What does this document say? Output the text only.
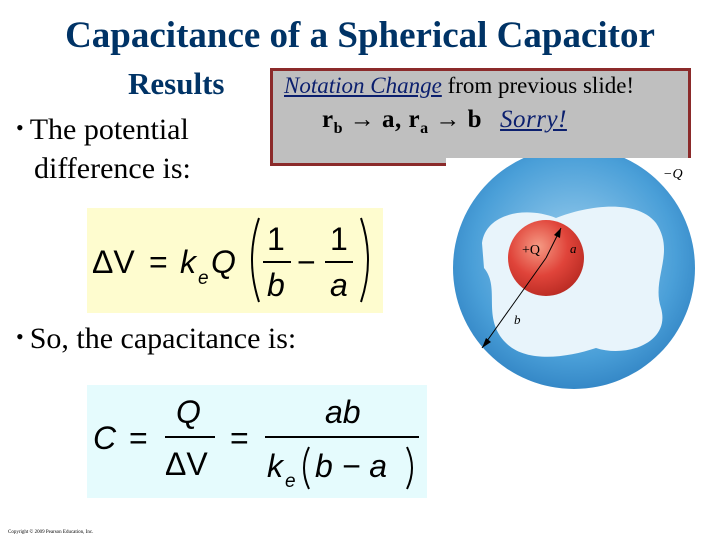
Capacitance of a Spherical Capacitor
Results	Notation Change from previous slide!
$r_b \to a$, $r_a \to b$ Sorry!
• The potential
difference is:
ΔV = k e Q
1
b
−
1
a
• So, the capacitance is:
C =
Q
ΔV
=
ab
k e b − a
−Q
+Q a
b
Copyright © 2009 Pearson Education, Inc.
